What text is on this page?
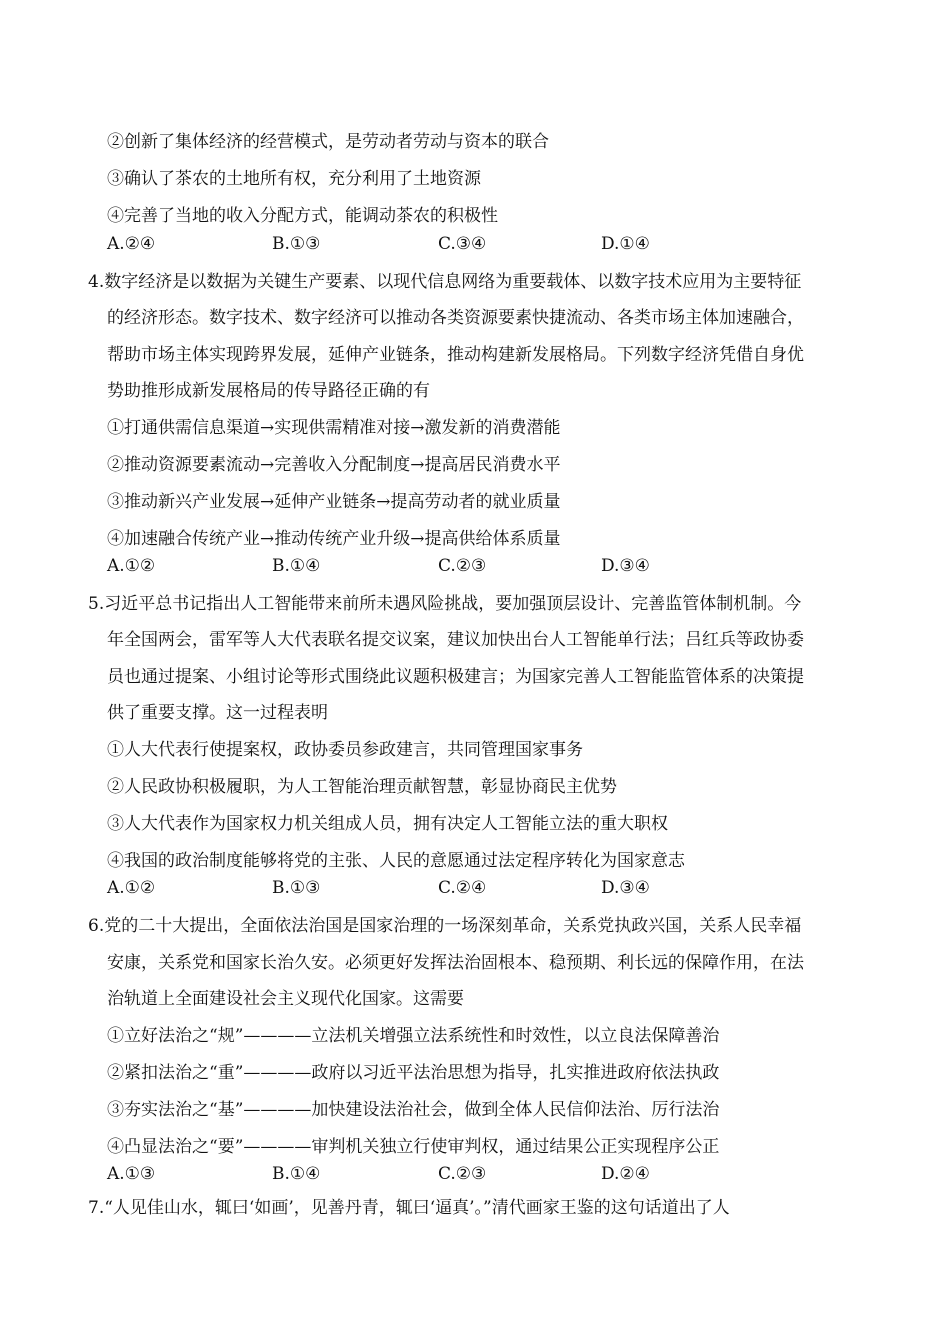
②创新了集体经济的经营模式，是劳动者劳动与资本的联合
③确认了茶农的土地所有权，充分利用了土地资源
④完善了当地的收入分配方式，能调动茶农的积极性
A.②④	B.①③	C.③④	D.①④
4.数字经济是以数据为关键生产要素、以现代信息网络为重要载体、以数字技术应用为主要特征
的经济形态。数字技术、数字经济可以推动各类资源要素快捷流动、各类市场主体加速融合，
帮助市场主体实现跨界发展，延伸产业链条，推动构建新发展格局。下列数字经济凭借自身优
势助推形成新发展格局的传导路径正确的有
①打通供需信息渠道→实现供需精准对接→激发新的消费潜能
②推动资源要素流动→完善收入分配制度→提高居民消费水平
③推动新兴产业发展→延伸产业链条→提高劳动者的就业质量
④加速融合传统产业→推动传统产业升级→提高供给体系质量
A.①②	B.①④	C.②③	D.③④
5.习近平总书记指出人工智能带来前所未遇风险挑战，要加强顶层设计、完善监管体制机制。今
年全国两会，雷军等人大代表联名提交议案，建议加快出台人工智能单行法；吕红兵等政协委
员也通过提案、小组讨论等形式围绕此议题积极建言；为国家完善人工智能监管体系的决策提
供了重要支撑。这一过程表明
①人大代表行使提案权，政协委员参政建言，共同管理国家事务
②人民政协积极履职，为人工智能治理贡献智慧，彰显协商民主优势
③人大代表作为国家权力机关组成人员，拥有决定人工智能立法的重大职权
④我国的政治制度能够将党的主张、人民的意愿通过法定程序转化为国家意志
A.①②	B.①③	C.②④	D.③④
6.党的二十大提出，全面依法治国是国家治理的一场深刻革命，关系党执政兴国，关系人民幸福
安康，关系党和国家长治久安。必须更好发挥法治固根本、稳预期、利长远的保障作用，在法
治轨道上全面建设社会主义现代化国家。这需要
①立好法治之“规”————立法机关增强立法系统性和时效性，以立良法保障善治
②紧扣法治之“重”————政府以习近平法治思想为指导，扎实推进政府依法执政
③夯实法治之“基”————加快建设法治社会，做到全体人民信仰法治、厉行法治
④凸显法治之“要”————审判机关独立行使审判权，通过结果公正实现程序公正
A.①③	B.①④	C.②③	D.②④
7.“人见佳山水，辄曰‘如画’，见善丹青，辄曰‘逼真’。”清代画家王鉴的这句话道出了人
